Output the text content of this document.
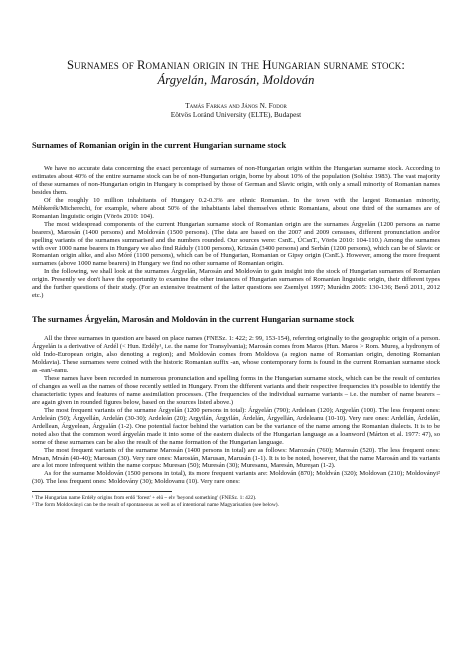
Surnames of Romanian origin in the Hungarian surname stock:
Árgyelán, Marosán, Moldován
Tamás Farkas and János N. Fodor
Eötvös Loránd University (ELTE), Budapest
Surnames of Romanian origin in the current Hungarian surname stock

We have no accurate data concerning the exact percentage of surnames of non-Hungarian origin within the Hungarian surname stock. According to estimates about 40% of the entire surname stock can be of non-Hungarian origin, borne by about 10% of the population (Soltész 1983). The vast majority of these surnames of non-Hungarian origin in Hungary is comprised by those of German and Slavic origin, with only a small minority of Romanian names besides them.

Of the roughly 10 million inhabitants of Hungary 0.2-0.3% are ethnic Romanian. In the town with the largest Romanian minority, Méhkerék/Micherechi, for example, where about 50% of the inhabitants label themselves ethnic Romanians, about one third of the surnames are of Romanian linguistic origin (Vörös 2010: 104).

The most widespread components of the current Hungarian surname stock of Romanian origin are the surnames Árgyelán (1200 persons as name bearers), Marosán (1400 persons) and Moldován (1500 persons). (The data are based on the 2007 and 2009 censuses, different pronunciation and/or spelling variants of the surnames summarised and the numbers rounded. Our sources were: CsnE., ÚCsnT., Vörös 2010: 104-110.) Among the surnames with over 1000 name bearers in Hungary we also find Ráduly (1100 persons), Krizsán (3400 persons) and Serbán (1200 persons), which can be of Slavic or Romanian origin alike, and also Móré (1100 persons), which can be of Hungarian, Romanian or Gipsy origin (CsnE.). However, among the more frequent surnames (above 1000 name bearers) in Hungary we find no other surname of Romanian origin.

In the following, we shall look at the surnames Árgyelán, Marosán and Moldován to gain insight into the stock of Hungarian surnames of Romanian origin. Presently we don't have the opportunity to examine the other instances of Hungarian surnames of Romanian linguistic origin, their different types and the further questions of their study. (For an extensive treatment of the latter questions see Zsemlyei 1997; Murádin 2005: 130-136; Benő 2011, 2012 etc.)

The surnames Árgyelán, Marosán and Moldován in the current Hungarian surname stock

All the three surnames in question are based on place names (FNESz. 1: 422; 2: 99, 153-154), referring originally to the geographic origin of a person. Árgyelán is a derivative of Ardél (< Hun. Erdély¹, i.e. the name for Transylvania); Marosán comes from Maros (Hun. Maros > Rom. Mureş, a hydronym of old Indo-European origin, also denoting a region); and Moldován comes from Moldova (a region name of Romanian origin, denoting Romanian Moldavia). These surnames were coined with the historic Romanian suffix -an, whose contemporary form is found in the current Romanian surname stock as -ean/-eanu.

These names have been recorded in numerous pronunciation and spelling forms in the Hungarian surname stock, which can be the result of centuries of changes as well as the names of those recently settled in Hungary. From the different variants and their respective frequencies it's possible to identify the characteristic types and features of name assimilation processes. (The frequencies of the individual surname variants – i.e. the number of name bearers – are again given in rounded figures below, based on the sources listed above.)

The most frequent variants of the surname Árgyelán (1200 persons in total): Árgyelán (790); Ardelean (120); Argyelán (100). The less frequent ones: Ardeleán (50); Árgyellán, Ardelán (30-30); Ardeleán (20); Argyilán, Árgyilán, Árdelán, Árgyellán, Ardeleanu (10-10). Very rare ones: Ardellán, Árdelán, Ardellean, Árgyelean, Árgyalán (1-2). One potential factor behind the variation can be the variance of the name among the Romanian dialects. It is to be noted also that the common word árgyelán made it into some of the eastern dialects of the Hungarian language as a loanword (Márton et al. 1977: 47), so some of these surnames can be also the result of the name formation of the Hungarian language.

The most frequent variants of the surname Marosán (1400 persons in total) are as follows: Marozsán (760); Marosán (520). The less frequent ones: Mrsan, Mrsán (40-40); Marosan (30). Very rare ones: Marosián, Marusan, Marusán (1-1). It is to be noted, however, that the name Marosán and its variants are a lot more infrequent within the name corpus: Muresan (50); Muresán (30); Muresanu, Maresán, Mureşan (1-2).

As for the surname Moldován (1500 persons in total), its more frequent variants are: Moldován (870); Moldván (320); Moldovan (210); Moldoványi² (30). The less frequent ones: Moldovány (30); Moldovanu (10). Very rare ones:

¹ The Hungarian name Erdély origins from erdő 'forest' + elü ~ elv 'beyond something' (FNESz. 1: 422).

² The form Moldoványi can be the result of spontaneous as well as of intentional name Magyarisation (see below).
